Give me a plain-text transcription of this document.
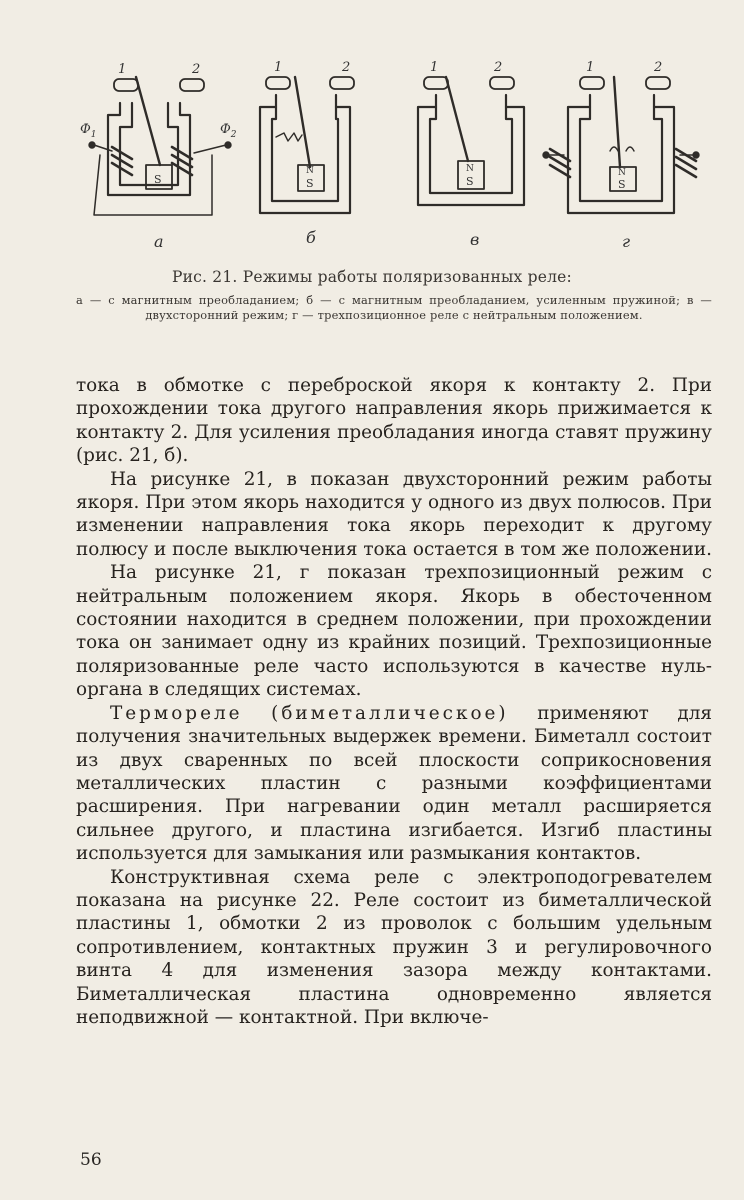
1	2
$Ф_1$	$Ф_2$
S
а
1	2
N
S
б
1	2
N
S
в
1	2
N
S
г
Рис. 21. Режимы работы поляризованных реле:
а — с магнитным преобладанием; б — с магнитным преобладанием, усиленным пружиной; в — двухсторонний режим; г — трехпозиционное реле с нейтральным положением.

тока в обмотке с переброской якоря к контакту 2. При прохождении тока другого направления якорь прижимается к контакту 2. Для усиления преобладания иногда ставят пружину (рис. 21, б).

На рисунке 21, в показан двухсторонний режим работы якоря. При этом якорь находится у одного из двух полюсов. При изменении направления тока якорь переходит к другому полюсу и после выключения тока остается в том же положении.

На рисунке 21, г показан трехпозиционный режим с нейтральным положением якоря. Якорь в обесточенном состоянии находится в среднем положении, при прохождении тока он занимает одну из крайних позиций. Трехпозиционные поляризованные реле часто используются в качестве нуль-органа в следящих системах.

Термореле (биметаллическое) применяют для получения значительных выдержек времени. Биметалл состоит из двух сваренных по всей плоскости соприкосновения металлических пластин с разными коэффициентами расширения. При нагревании один металл расширяется сильнее другого, и пластина изгибается. Изгиб пластины используется для замыкания или размыкания контактов.

Конструктивная схема реле с электроподогревателем показана на рисунке 22. Реле состоит из биметаллической пластины 1, обмотки 2 из проволок с большим удельным сопротивлением, контактных пружин 3 и регулировочного винта 4 для изменения зазора между контактами. Биметаллическая пластина одновременно является неподвижной — контактной. При включе-

56
